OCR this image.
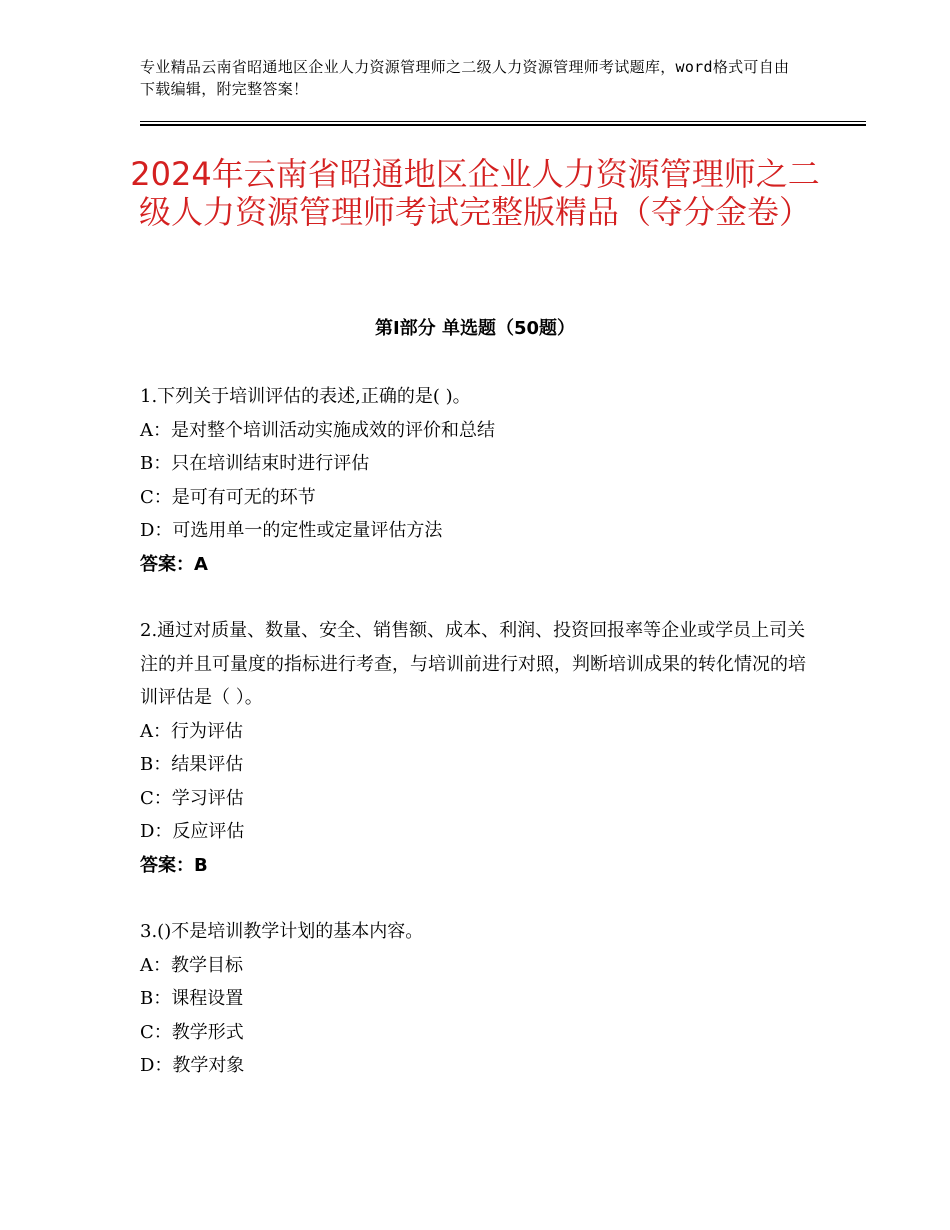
专业精品云南省昭通地区企业人力资源管理师之二级人力资源管理师考试题库，word格式可自由下载编辑，附完整答案！
2024年云南省昭通地区企业人力资源管理师之二级人力资源管理师考试完整版精品（夺分金卷）
第Ⅰ部分 单选题（50题）

1.下列关于培训评估的表述,正确的是( )。

A：是对整个培训活动实施成效的评价和总结

B：只在培训结束时进行评估

C：是可有可无的环节

D：可选用单一的定性或定量评估方法

答案：A

2.通过对质量、数量、安全、销售额、成本、利润、投资回报率等企业或学员上司关注的并且可量度的指标进行考查，与培训前进行对照，判断培训成果的转化情况的培训评估是（ ）。

A：行为评估

B：结果评估

C：学习评估

D：反应评估

答案：B

3.()不是培训教学计划的基本内容。

A：教学目标

B：课程设置

C：教学形式

D：教学对象
